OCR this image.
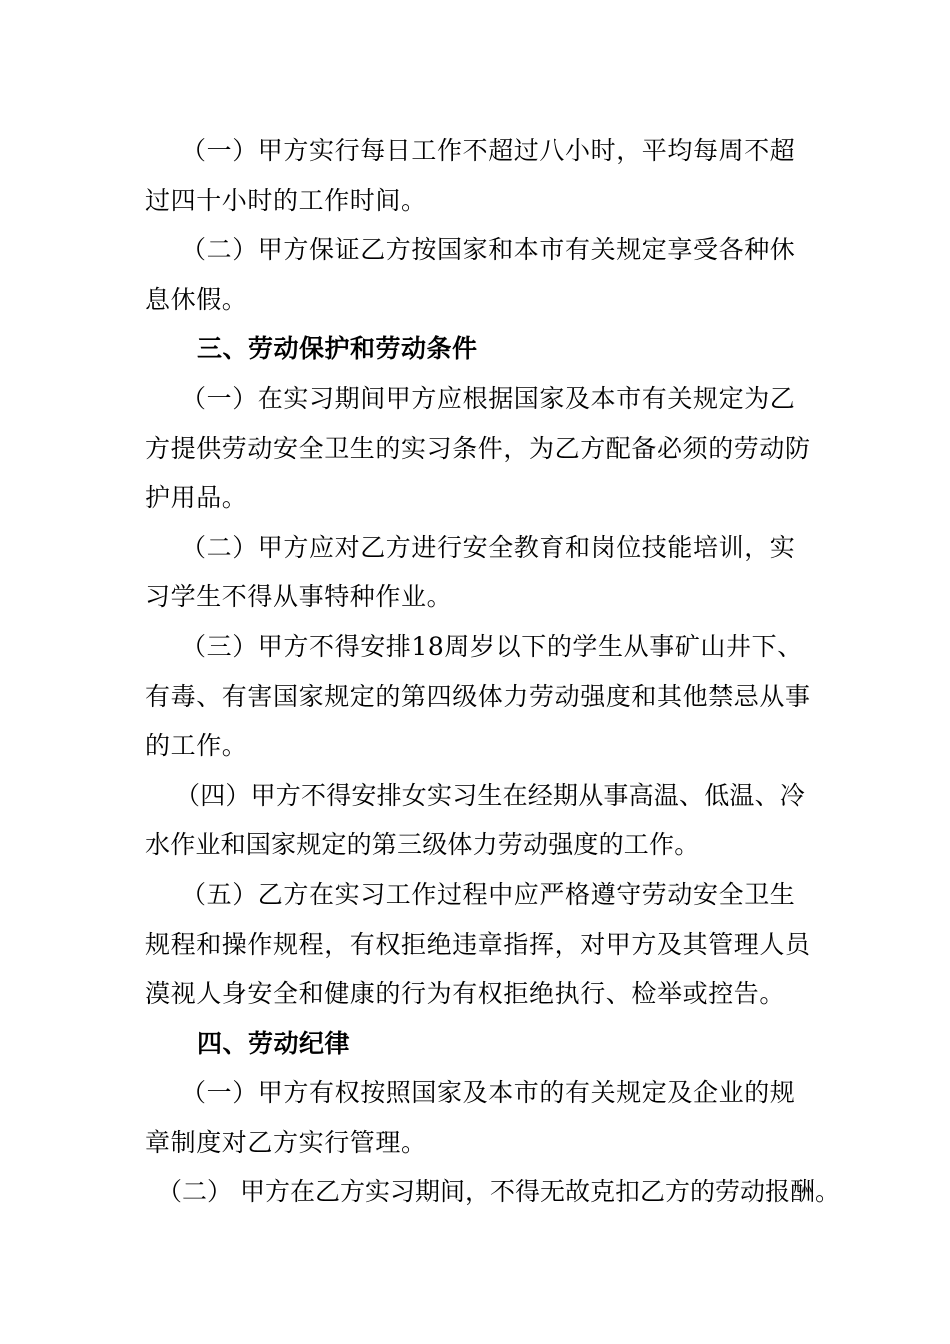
（一）甲方实行每日工作不超过八小时，平均每周不超过四十小时的工作时间。

（二）甲方保证乙方按国家和本市有关规定享受各种休息休假。

三、劳动保护和劳动条件

（一）在实习期间甲方应根据国家及本市有关规定为乙方提供劳动安全卫生的实习条件，为乙方配备必须的劳动防护用品。

（二）甲方应对乙方进行安全教育和岗位技能培训，实习学生不得从事特种作业。

（三）甲方不得安排18周岁以下的学生从事矿山井下、有毒、有害国家规定的第四级体力劳动强度和其他禁忌从事的工作。

（四）甲方不得安排女实习生在经期从事高温、低温、冷水作业和国家规定的第三级体力劳动强度的工作。

（五）乙方在实习工作过程中应严格遵守劳动安全卫生规程和操作规程，有权拒绝违章指挥，对甲方及其管理人员漠视人身安全和健康的行为有权拒绝执行、检举或控告。

四、劳动纪律

（一）甲方有权按照国家及本市的有关规定及企业的规章制度对乙方实行管理。

（二） 甲方在乙方实习期间，不得无故克扣乙方的劳动报酬。
